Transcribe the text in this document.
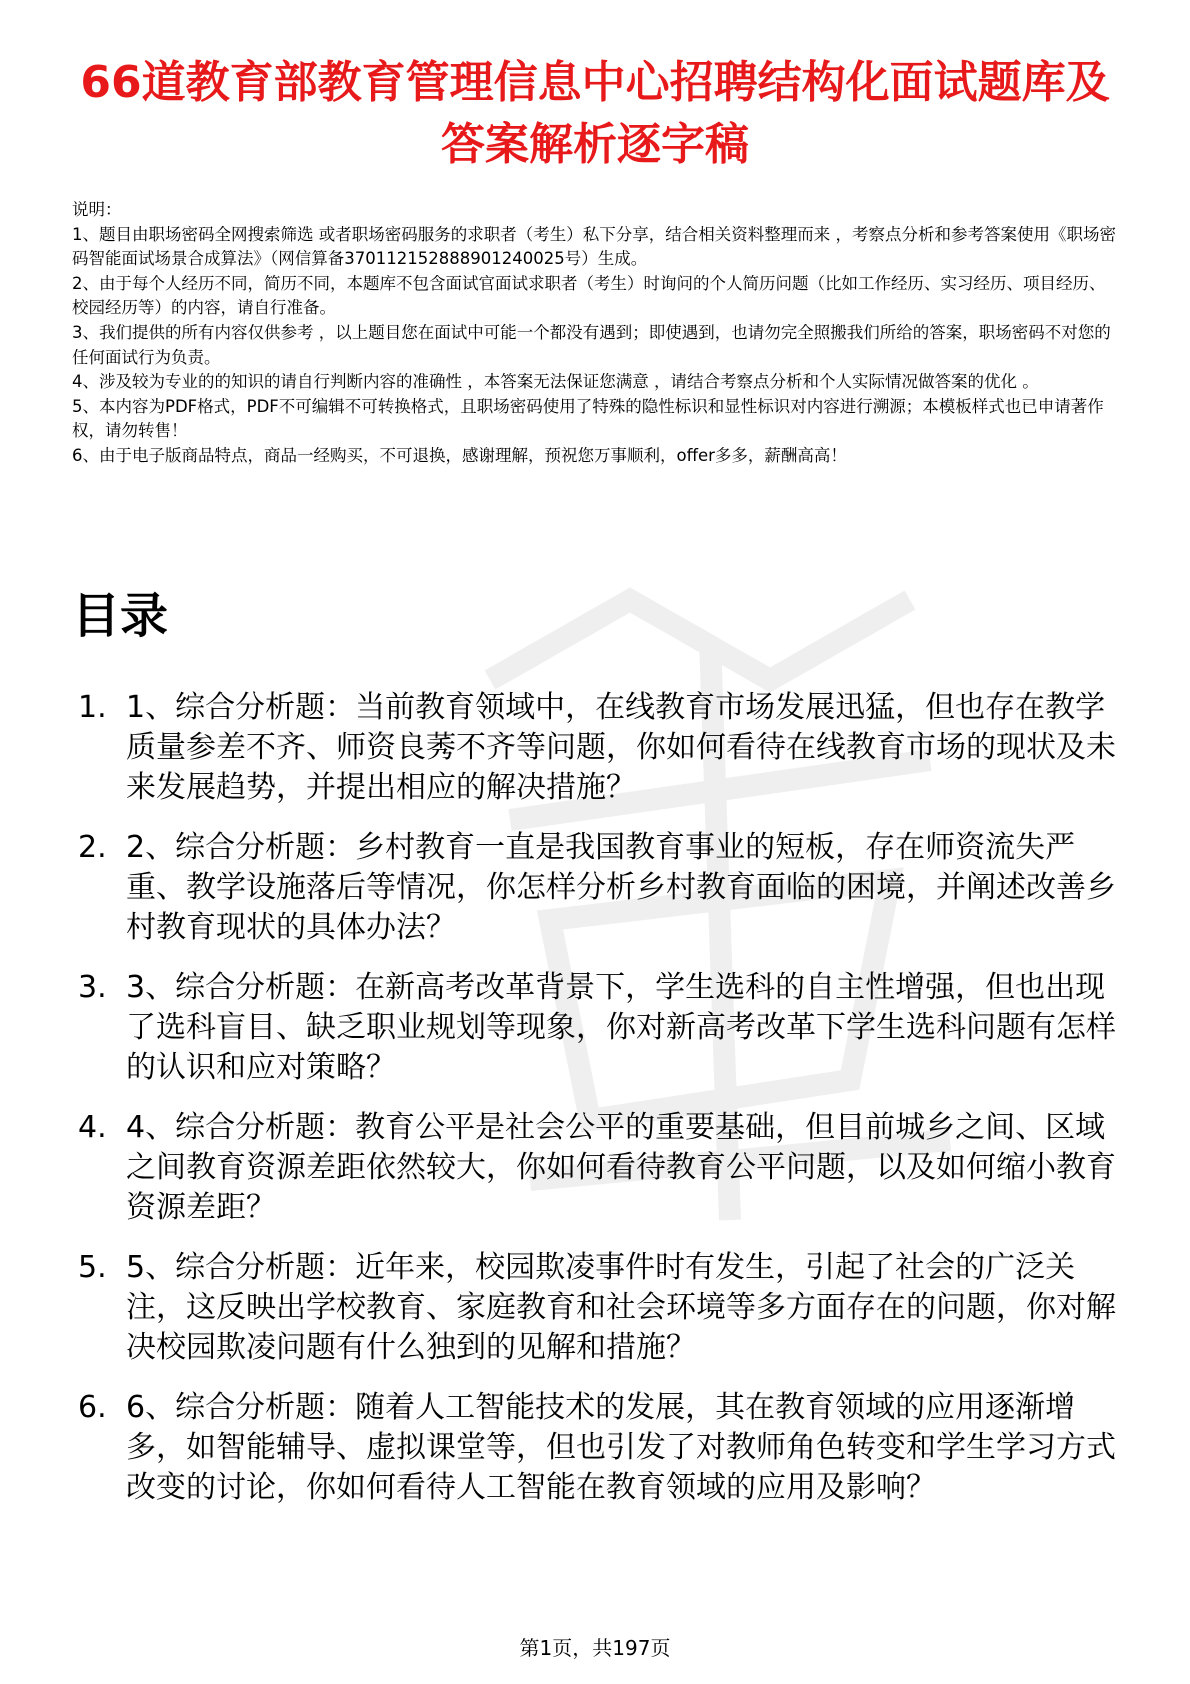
66道教育部教育管理信息中心招聘结构化面试题库及答案解析逐字稿

说明：

1、题目由职场密码全网搜索筛选 或者职场密码服务的求职者（考生）私下分享，结合相关资料整理而来 ，考察点分析和参考答案使用《职场密码智能面试场景合成算法》（网信算备370112152888901240025号）生成。

2、由于每个人经历不同，简历不同，本题库不包含面试官面试求职者（考生）时询问的个人简历问题（比如工作经历、实习经历、项目经历、校园经历等）的内容，请自行准备。

3、我们提供的所有内容仅供参考 ，以上题目您在面试中可能一个都没有遇到；即使遇到，也请勿完全照搬我们所给的答案，职场密码不对您的任何面试行为负责。

4、涉及较为专业的的知识的请自行判断内容的准确性 ，本答案无法保证您满意 ，请结合考察点分析和个人实际情况做答案的优化 。

5、本内容为PDF格式，PDF不可编辑不可转换格式，且职场密码使用了特殊的隐性标识和显性标识对内容进行溯源；本模板样式也已申请著作权，请勿转售！

6、由于电子版商品特点，商品一经购买，不可退换，感谢理解，预祝您万事顺利，offer多多，薪酬高高！

目录
1. 1、综合分析题：当前教育领域中，在线教育市场发展迅猛，但也存在教学质量参差不齐、师资良莠不齐等问题，你如何看待在线教育市场的现状及未来发展趋势，并提出相应的解决措施？
2. 2、综合分析题：乡村教育一直是我国教育事业的短板，存在师资流失严重、教学设施落后等情况，你怎样分析乡村教育面临的困境，并阐述改善乡村教育现状的具体办法？
3. 3、综合分析题：在新高考改革背景下，学生选科的自主性增强，但也出现了选科盲目、缺乏职业规划等现象，你对新高考改革下学生选科问题有怎样的认识和应对策略？
4. 4、综合分析题：教育公平是社会公平的重要基础，但目前城乡之间、区域之间教育资源差距依然较大，你如何看待教育公平问题，以及如何缩小教育资源差距？
5. 5、综合分析题：近年来，校园欺凌事件时有发生，引起了社会的广泛关注，这反映出学校教育、家庭教育和社会环境等多方面存在的问题，你对解决校园欺凌问题有什么独到的见解和措施？
6. 6、综合分析题：随着人工智能技术的发展，其在教育领域的应用逐渐增多，如智能辅导、虚拟课堂等，但也引发了对教师角色转变和学生学习方式改变的讨论，你如何看待人工智能在教育领域的应用及影响？
第1页，共197页
